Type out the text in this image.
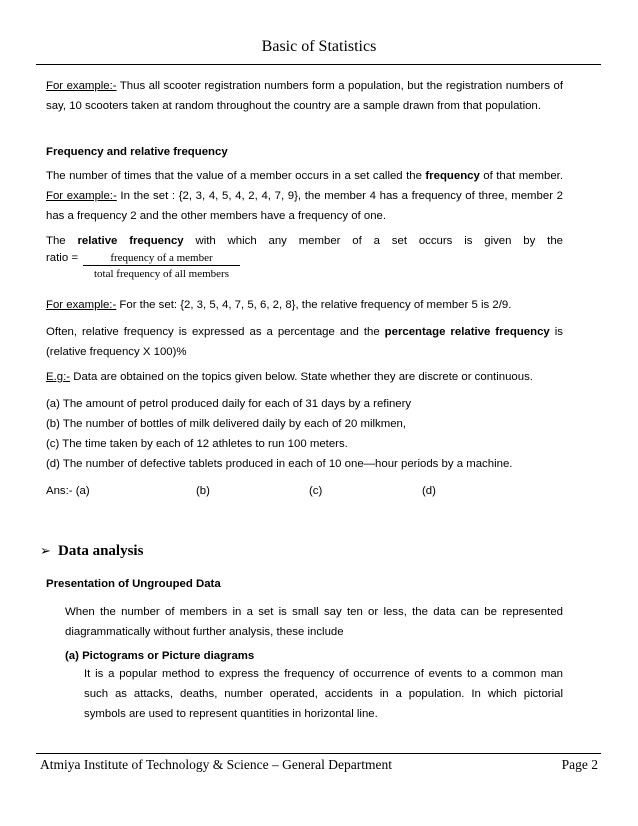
Basic of Statistics
For example:- Thus all scooter registration numbers form a population, but the registration numbers of say, 10 scooters taken at random throughout the country are a sample drawn from that population.
Frequency and relative frequency
The number of times that the value of a member occurs in a set called the frequency of that member. For example:- In the set : {2, 3, 4, 5, 4, 2, 4, 7, 9}, the member 4 has a frequency of three, member 2 has a frequency 2 and the other members have a frequency of one.
The relative frequency with which any member of a set occurs is given by the
ratio =	frequency of a member
total frequency of all members
For example:- For the set: {2, 3, 5, 4, 7, 5, 6, 2, 8}, the relative frequency of member 5 is 2/9.
Often, relative frequency is expressed as a percentage and the percentage relative frequency is (relative frequency X 100)%
E.g:- Data are obtained on the topics given below. State whether they are discrete or continuous.
(a) The amount of petrol produced daily for each of 31 days by a refinery
(b) The number of bottles of milk delivered daily by each of 20 milkmen,
(c) The time taken by each of 12 athletes to run 100 meters.
(d) The number of defective tablets produced in each of 10 one—hour periods by a machine.
Ans:- (a)	(b)	(c)	(d)
➢ Data analysis
Presentation of Ungrouped Data
When the number of members in a set is small say ten or less, the data can be represented diagrammatically without further analysis, these include
(a) Pictograms or Picture diagrams
It is a popular method to express the frequency of occurrence of events to a common man such as attacks, deaths, number operated, accidents in a population. In which pictorial symbols are used to represent quantities in horizontal line.
Atmiya Institute of Technology & Science – General Department	Page 2
